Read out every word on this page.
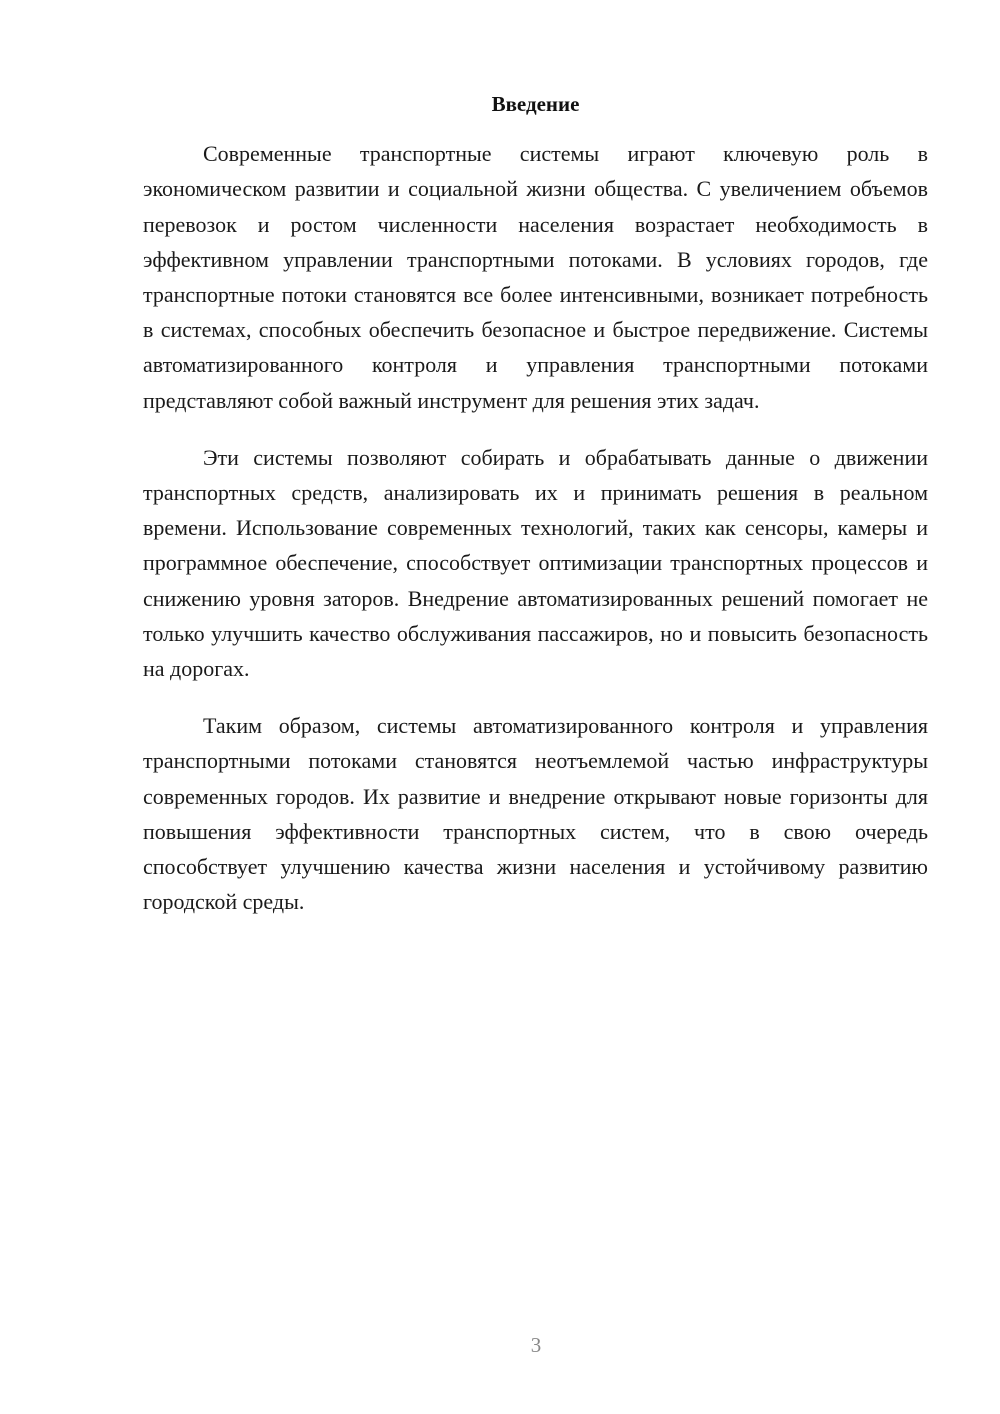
Введение

Современные транспортные системы играют ключевую роль в экономическом развитии и социальной жизни общества. С увеличением объемов перевозок и ростом численности населения возрастает необходимость в эффективном управлении транспортными потоками. В условиях городов, где транспортные потоки становятся все более интенсивными, возникает потребность в системах, способных обеспечить безопасное и быстрое передвижение. Системы автоматизированного контроля и управления транспортными потоками представляют собой важный инструмент для решения этих задач.

Эти системы позволяют собирать и обрабатывать данные о движении транспортных средств, анализировать их и принимать решения в реальном времени. Использование современных технологий, таких как сенсоры, камеры и программное обеспечение, способствует оптимизации транспортных процессов и снижению уровня заторов. Внедрение автоматизированных решений помогает не только улучшить качество обслуживания пассажиров, но и повысить безопасность на дорогах.

Таким образом, системы автоматизированного контроля и управления транспортными потоками становятся неотъемлемой частью инфраструктуры современных городов. Их развитие и внедрение открывают новые горизонты для повышения эффективности транспортных систем, что в свою очередь способствует улучшению качества жизни населения и устойчивому развитию городской среды.

3
